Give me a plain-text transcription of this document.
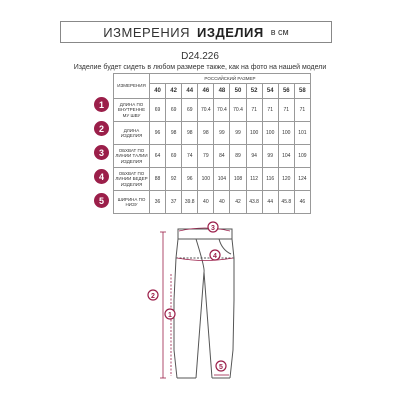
ИЗМЕРЕНИЯ ИЗДЕЛИЯ в см
D24.226
Изделие будет сидеть в любом размере также, как на фото на нашей модели
ИЗМЕРЕНИЯ	РОССИЙСКИЙ РАЗМЕР									
	40	42	44	46	48	50	52	54	56	58
ДЛИНА ПО ВНУТРЕННЕ МУ ШВУ	69	69	69	70.4	70.4	70.4	71	71	71	71
ДЛИНА ИЗДЕЛИЯ	96	98	98	98	99	99	100	100	100	101
ОБХВАТ ПО ЛИНИИ ТАЛИИ ИЗДЕЛИЯ	64	69	74	79	84	89	94	99	104	109
ОБХВАТ ПО ЛИНИИ БЕДЕР ИЗДЕЛИЯ	88	92	96	100	104	108	112	116	120	124
ШИРИНА ПО НИЗУ	36	37	39.8	40	40	42	43.8	44	45.8	46
1
2
3
4
5
3
4
2
1
5
